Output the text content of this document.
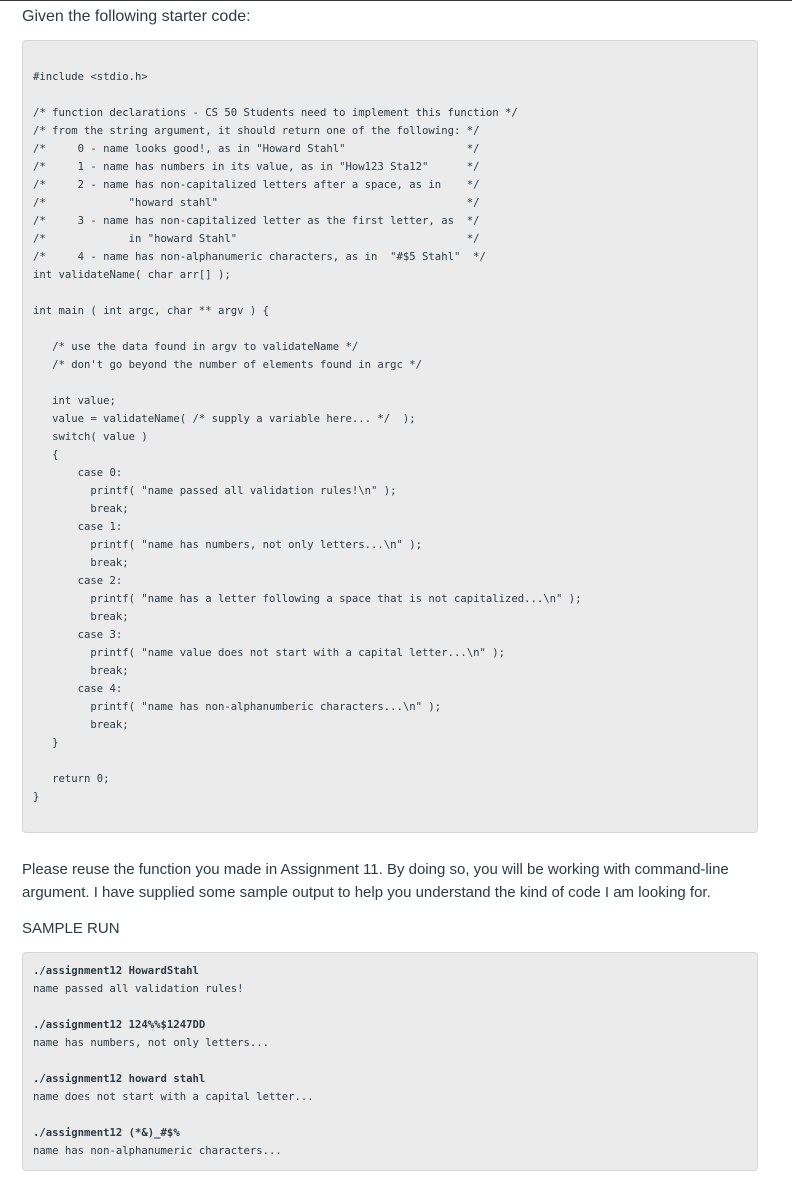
Given the following starter code:
#include <stdio.h>
/* function declarations - CS 50 Students need to implement this function */
/* from the string argument, it should return one of the following: */
/*     0 - name looks good!, as in "Howard Stahl"                   */
/*     1 - name has numbers in its value, as in "How123 Sta12"      */
/*     2 - name has non-capitalized letters after a space, as in    */
/*             "howard stahl"                                       */
/*     3 - name has non-capitalized letter as the first letter, as  */
/*             in "howard Stahl"                                    */
/*     4 - name has non-alphanumeric characters, as in  "#$5 Stahl"  */
int validateName( char arr[] );
int main ( int argc, char ** argv ) {
/* use the data found in argv to validateName */
/* don't go beyond the number of elements found in argc */
int value;
value = validateName( /* supply a variable here... */  );
switch( value )
{
case 0:
printf( "name passed all validation rules!\n" );
break;
case 1:
printf( "name has numbers, not only letters...\n" );
break;
case 2:
printf( "name has a letter following a space that is not capitalized...\n" );
break;
case 3:
printf( "name value does not start with a capital letter...\n" );
break;
case 4:
printf( "name has non-alphanumberic characters...\n" );
break;
}
return 0;
}

Please reuse the function you made in Assignment 11. By doing so, you will be working with command-line argument. I have supplied some sample output to help you understand the kind of code I am looking for.

SAMPLE RUN
./assignment12 HowardStahl
name passed all validation rules!
./assignment12 124%%$1247DD
name has numbers, not only letters...
./assignment12 howard stahl
name does not start with a capital letter...
./assignment12 (*&)_#$%
name has non-alphanumeric characters...
